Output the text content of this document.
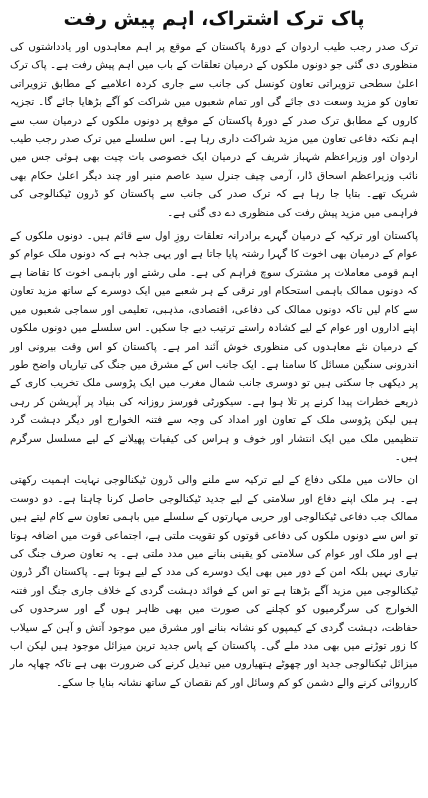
پاک ترک اشتراک، اہم پیش رفت

ترک صدر رجب طیب اردوان کے دورۂ پاکستان کے موقع پر اہم معاہدوں اور یادداشتوں کی منظوری دی گئی جو دونوں ملکوں کے درمیان تعلقات کے باب میں اہم پیش رفت ہے۔ پاک ترک اعلیٰ سطحی تزویراتی تعاون کونسل کی جانب سے جاری کردہ اعلامیے کے مطابق تزویراتی تعاون کو مزید وسعت دی جائے گی اور تمام شعبوں میں شراکت کو آگے بڑھایا جائے گا۔ تجزیہ کاروں کے مطابق ترک صدر کے دورۂ پاکستان کے موقع پر دونوں ملکوں کے درمیان سب سے اہم نکتہ دفاعی تعاون میں مزید شراکت داری رہا ہے۔ اس سلسلے میں ترک صدر رجب طیب اردوان اور وزیراعظم شہباز شریف کے درمیان ایک خصوصی بات چیت بھی ہوئی جس میں نائب وزیراعظم اسحاق ڈار، آرمی چیف جنرل سید عاصم منیر اور چند دیگر اعلیٰ حکام بھی شریک تھے۔ بتایا جا رہا ہے کہ ترک صدر کی جانب سے پاکستان کو ڈرون ٹیکنالوجی کی فراہمی میں مزید پیش رفت کی منظوری دے دی گئی ہے۔

پاکستان اور ترکیہ کے درمیان گہرے برادرانہ تعلقات روزِ اول سے قائم ہیں۔ دونوں ملکوں کے عوام کے درمیان بھی اخوت کا گہرا رشتہ پایا جاتا ہے اور یہی جذبہ ہے کہ دونوں ملک عوام کو اہم قومی معاملات پر مشترک سوچ فراہم کی ہے۔ ملی رشتے اور باہمی اخوت کا تقاضا ہے کہ دونوں ممالک باہمی استحکام اور ترقی کے ہر شعبے میں ایک دوسرے کے ساتھ مزید تعاون سے کام لیں تاکہ دونوں ممالک کی دفاعی، اقتصادی، مذہبی، تعلیمی اور سماجی شعبوں میں اپنے اداروں اور عوام کے لیے کشادہ راستے ترتیب دیے جا سکیں۔ اس سلسلے میں دونوں ملکوں کے درمیان نئے معاہدوں کی منظوری خوش آئند امر ہے۔ پاکستان کو اس وقت بیرونی اور اندرونی سنگین مسائل کا سامنا ہے۔ ایک جانب اس کے مشرق میں جنگ کی تیاریاں واضح طور پر دیکھی جا سکتی ہیں تو دوسری جانب شمال مغرب میں ایک پڑوسی ملک تخریب کاری کے ذریعے خطرات پیدا کرنے پر تلا ہوا ہے۔ سیکورٹی فورسز روزانہ کی بنیاد پر آپریشن کر رہی ہیں لیکن پڑوسی ملک کے تعاون اور امداد کی وجہ سے فتنہ الخوارج اور دیگر دہشت گرد تنظیمیں ملک میں ایک انتشار اور خوف و ہراس کی کیفیات پھیلانے کے لیے مسلسل سرگرم ہیں۔

ان حالات میں ملکی دفاع کے لیے ترکیہ سے ملنے والی ڈرون ٹیکنالوجی نہایت اہمیت رکھتی ہے۔ ہر ملک اپنے دفاع اور سلامتی کے لیے جدید ٹیکنالوجی حاصل کرنا چاہتا ہے۔ دو دوست ممالک جب دفاعی ٹیکنالوجی اور حربی مہارتوں کے سلسلے میں باہمی تعاون سے کام لیتے ہیں تو اس سے دونوں ملکوں کی دفاعی قوتوں کو تقویت ملتی ہے، اجتماعی قوت میں اضافہ ہوتا ہے اور ملک اور عوام کی سلامتی کو یقینی بنانے میں مدد ملتی ہے۔ یہ تعاون صرف جنگ کی تیاری نہیں بلکہ امن کے دور میں بھی ایک دوسرے کی مدد کے لیے ہوتا ہے۔ پاکستان اگر ڈرون ٹیکنالوجی میں مزید آگے بڑھتا ہے تو اس کے فوائد دہشت گردی کے خلاف جاری جنگ اور فتنہ الخوارج کی سرگرمیوں کو کچلنے کی صورت میں بھی ظاہر ہوں گے اور سرحدوں کی حفاظت، دہشت گردی کے کیمپوں کو نشانہ بنانے اور مشرق میں موجود آتش و آہن کے سیلاب کا زور توڑنے میں بھی مدد ملے گی۔ پاکستان کے پاس جدید ترین میزائل موجود ہیں لیکن اب میزائل ٹیکنالوجی جدید اور چھوٹے ہتھیاروں میں تبدیل کرنے کی ضرورت بھی ہے تاکہ چھاپہ مار کارروائی کرنے والے دشمن کو کم وسائل اور کم نقصان کے ساتھ نشانہ بنایا جا سکے۔
